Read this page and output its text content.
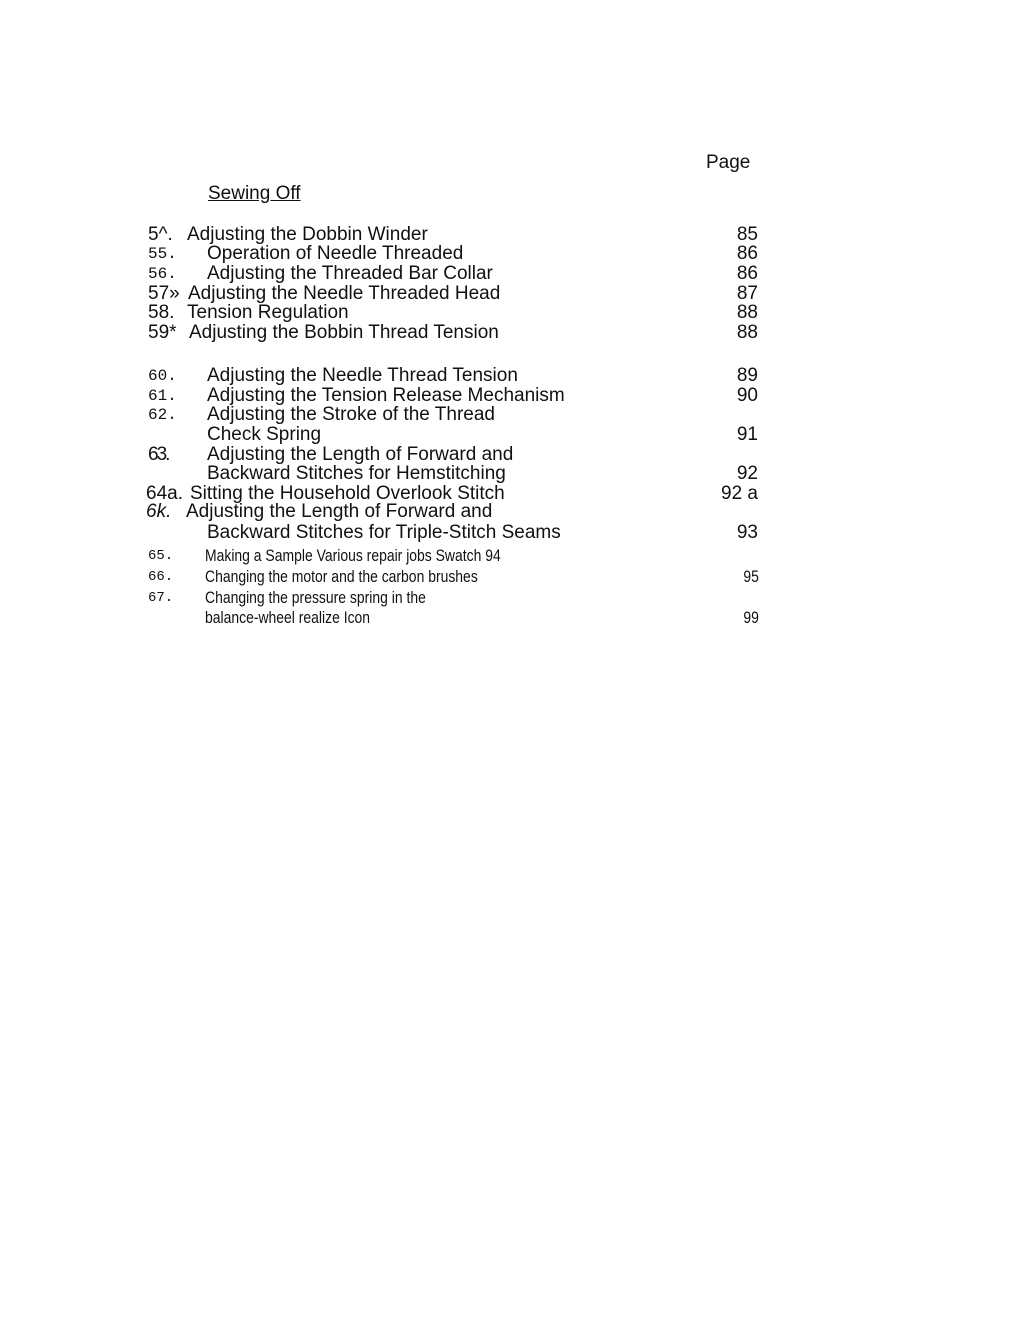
Page
Sewing Off
5^. Adjusting the Dobbin Winder	85
55. Operation of Needle Threaded	86
56. Adjusting the Threaded Bar Collar	86
57» Adjusting the Needle Threaded Head	87
58. Tension Regulation	88
59* Adjusting the Bobbin Thread Tension	88
60. Adjusting the Needle Thread Tension	89
61. Adjusting the Tension Release Mechanism	90
62. Adjusting the Stroke of the Thread
Check Spring	91
63. Adjusting the Length of Forward and
Backward Stitches for Hemstitching	92
64a. Sitting the Household Overlook Stitch	92 a
6k. Adjusting the Length of Forward and
Backward Stitches for Triple-Stitch Seams	93
65. Making a Sample Various repair jobs Swatch 94
66. Changing the motor and the carbon brushes	95
67. Changing the pressure spring in the
balance-wheel realize Icon	99
